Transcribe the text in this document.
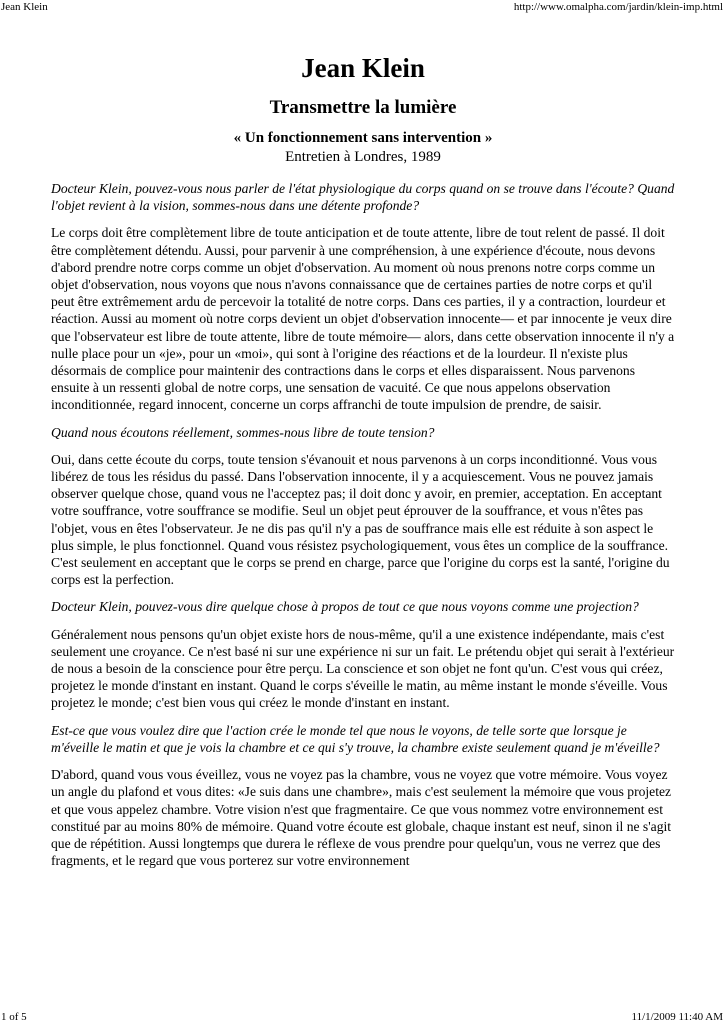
Jean Klein	http://www.omalpha.com/jardin/klein-imp.html
Jean Klein
Transmettre la lumière
« Un fonctionnement sans intervention »
Entretien à Londres, 1989

Docteur Klein, pouvez-vous nous parler de l'état physiologique du corps quand on se trouve dans l'écoute? Quand l'objet revient à la vision, sommes-nous dans une détente profonde?

Le corps doit être complètement libre de toute anticipation et de toute attente, libre de tout relent de passé. Il doit être complètement détendu. Aussi, pour parvenir à une compréhension, à une expérience d'écoute, nous devons d'abord prendre notre corps comme un objet d'observation. Au moment où nous prenons notre corps comme un objet d'observation, nous voyons que nous n'avons connaissance que de certaines parties de notre corps et qu'il peut être extrêmement ardu de percevoir la totalité de notre corps. Dans ces parties, il y a contraction, lourdeur et réaction. Aussi au moment où notre corps devient un objet d'observation innocente— et par innocente je veux dire que l'observateur est libre de toute attente, libre de toute mémoire— alors, dans cette observation innocente il n'y a nulle place pour un «je», pour un «moi», qui sont à l'origine des réactions et de la lourdeur. Il n'existe plus désormais de complice pour maintenir des contractions dans le corps et elles disparaissent. Nous parvenons ensuite à un ressenti global de notre corps, une sensation de vacuité. Ce que nous appelons observation inconditionnée, regard innocent, concerne un corps affranchi de toute impulsion de prendre, de saisir.

Quand nous écoutons réellement, sommes-nous libre de toute tension?

Oui, dans cette écoute du corps, toute tension s'évanouit et nous parvenons à un corps inconditionné. Vous vous libérez de tous les résidus du passé. Dans l'observation innocente, il y a acquiescement. Vous ne pouvez jamais observer quelque chose, quand vous ne l'acceptez pas; il doit donc y avoir, en premier, acceptation. En acceptant votre souffrance, votre souffrance se modifie. Seul un objet peut éprouver de la souffrance, et vous n'êtes pas l'objet, vous en êtes l'observateur. Je ne dis pas qu'il n'y a pas de souffrance mais elle est réduite à son aspect le plus simple, le plus fonctionnel. Quand vous résistez psychologiquement, vous êtes un complice de la souffrance. C'est seulement en acceptant que le corps se prend en charge, parce que l'origine du corps est la santé, l'origine du corps est la perfection.

Docteur Klein, pouvez-vous dire quelque chose à propos de tout ce que nous voyons comme une projection?

Généralement nous pensons qu'un objet existe hors de nous-même, qu'il a une existence indépendante, mais c'est seulement une croyance. Ce n'est basé ni sur une expérience ni sur un fait. Le prétendu objet qui serait à l'extérieur de nous a besoin de la conscience pour être perçu. La conscience et son objet ne font qu'un. C'est vous qui créez, projetez le monde d'instant en instant. Quand le corps s'éveille le matin, au même instant le monde s'éveille. Vous projetez le monde; c'est bien vous qui créez le monde d'instant en instant.

Est-ce que vous voulez dire que l'action crée le monde tel que nous le voyons, de telle sorte que lorsque je m'éveille le matin et que je vois la chambre et ce qui s'y trouve, la chambre existe seulement quand je m'éveille?

D'abord, quand vous vous éveillez, vous ne voyez pas la chambre, vous ne voyez que votre mémoire. Vous voyez un angle du plafond et vous dites: «Je suis dans une chambre», mais c'est seulement la mémoire que vous projetez et que vous appelez chambre. Votre vision n'est que fragmentaire. Ce que vous nommez votre environnement est constitué par au moins 80% de mémoire. Quand votre écoute est globale, chaque instant est neuf, sinon il ne s'agit que de répétition. Aussi longtemps que durera le réflexe de vous prendre pour quelqu'un, vous ne verrez que des fragments, et le regard que vous porterez sur votre environnement

1 of 5	11/1/2009 11:40 AM
